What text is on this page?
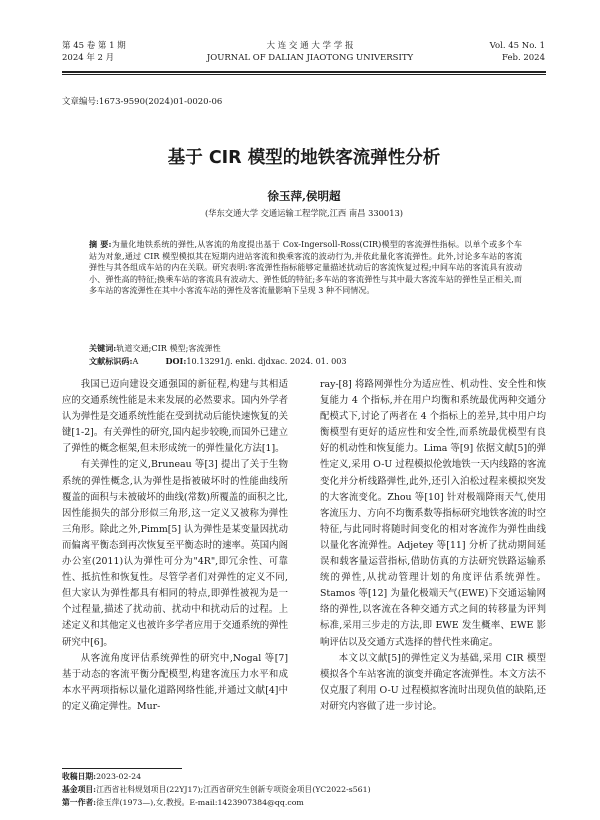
第 45 卷 第 1 期
2024 年 2 月
大 连 交 通 大 学 学 报
JOURNAL OF DALIAN JIAOTONG UNIVERSITY
Vol. 45 No. 1
Feb. 2024
文章编号:1673-9590(2024)01-0020-06
基于 CIR 模型的地铁客流弹性分析
徐玉萍,侯明超
(华东交通大学 交通运输工程学院,江西 南昌 330013)
摘 要:为量化地铁系统的弹性,从客流的角度提出基于 Cox-Ingersoll-Ross(CIR)模型的客流弹性指标。以单个或多个车站为对象,通过 CIR 模型模拟其在短期内进站客流和换乘客流的波动行为,并依此量化客流弹性。此外,讨论多车站的客流弹性与其各组成车站的内在关联。研究表明:客流弹性指标能够定量描述扰动后的客流恢复过程;中间车站的客流具有波动小、弹性高的特征;换乘车站的客流具有波动大、弹性低的特征;多车站的客流弹性与其中最大客流车站的弹性呈正相关,而多车站的客流弹性在其中小客流车站的弹性及客流量影响下呈现 3 种不同情况。
关键词:轨道交通;CIR 模型;客流弹性
文献标识码:A	DOI:10.13291/j. enki. djdxac. 2024. 01. 003

我国已迈向建设交通强国的新征程,构建与其相适应的交通系统性能是未来发展的必然要求。国内外学者认为弹性是交通系统性能在受到扰动后能快速恢复的关键[1-2]。有关弹性的研究,国内起步较晚,而国外已建立了弹性的概念框架,但未形成统一的弹性量化方法[1]。

有关弹性的定义,Bruneau 等[3] 提出了关于生物系统的弹性概念,认为弹性是指被破坏时的性能曲线所覆盖的面积与未被破坏的曲线(常数)所覆盖的面积之比,因性能损失的部分形似三角形,这一定义又被称为弹性三角形。除此之外,Pimm[5] 认为弹性是某变量因扰动而偏离平衡态到再次恢复至平衡态时的速率。英国内阁办公室(2011)认为弹性可分为"4R",即冗余性、可靠性、抵抗性和恢复性。尽管学者们对弹性的定义不同,但大家认为弹性都具有相同的特点,即弹性被视为是一个过程量,描述了扰动前、扰动中和扰动后的过程。上述定义和其他定义也被许多学者应用于交通系统的弹性研究中[6]。

从客流角度评估系统弹性的研究中,Nogal 等[7] 基于动态的客流平衡分配模型,构建客流压力水平和成本水平两项指标以量化道路网络性能,并通过文献[4]中的定义确定弹性。Mur-

ray-[8] 将路网弹性分为适应性、机动性、安全性和恢复能力 4 个指标,并在用户均衡和系统最优两种交通分配模式下,讨论了两者在 4 个指标上的差异,其中用户均衡模型有更好的适应性和安全性,而系统最优模型有良好的机动性和恢复能力。Lima 等[9] 依据文献[5]的弹性定义,采用 O-U 过程模拟伦敦地铁一天内线路的客流变化并分析线路弹性,此外,还引入泊松过程来模拟突发的大客流变化。Zhou 等[10] 针对极端降雨天气,使用客流压力、方向不均衡系数等指标研究地铁客流的时空特征,与此同时将随时间变化的相对客流作为弹性曲线以量化客流弹性。Adjetey 等[11] 分析了扰动期间延误和载客量运营指标,借助仿真的方法研究铁路运输系统的弹性,从扰动管理计划的角度评估系统弹性。Stamos 等[12] 为量化极端天气(EWE)下交通运输网络的弹性,以客流在各种交通方式之间的转移量为评判标准,采用三步走的方法,即 EWE 发生概率、EWE 影响评估以及交通方式选择的替代性来确定。

本文以文献[5]的弹性定义为基础,采用 CIR 模型模拟各个车站客流的演变并确定客流弹性。本文方法不仅克服了利用 O-U 过程模拟客流时出现负值的缺陷,还对研究内容做了进一步讨论。

收稿日期:2023-02-24
基金项目:江西省社科规划项目(22YJ17);江西省研究生创新专项资金项目(YC2022-s561)
第一作者:徐玉萍(1973—),女,教授。E-mail:1423907384@qq.com
